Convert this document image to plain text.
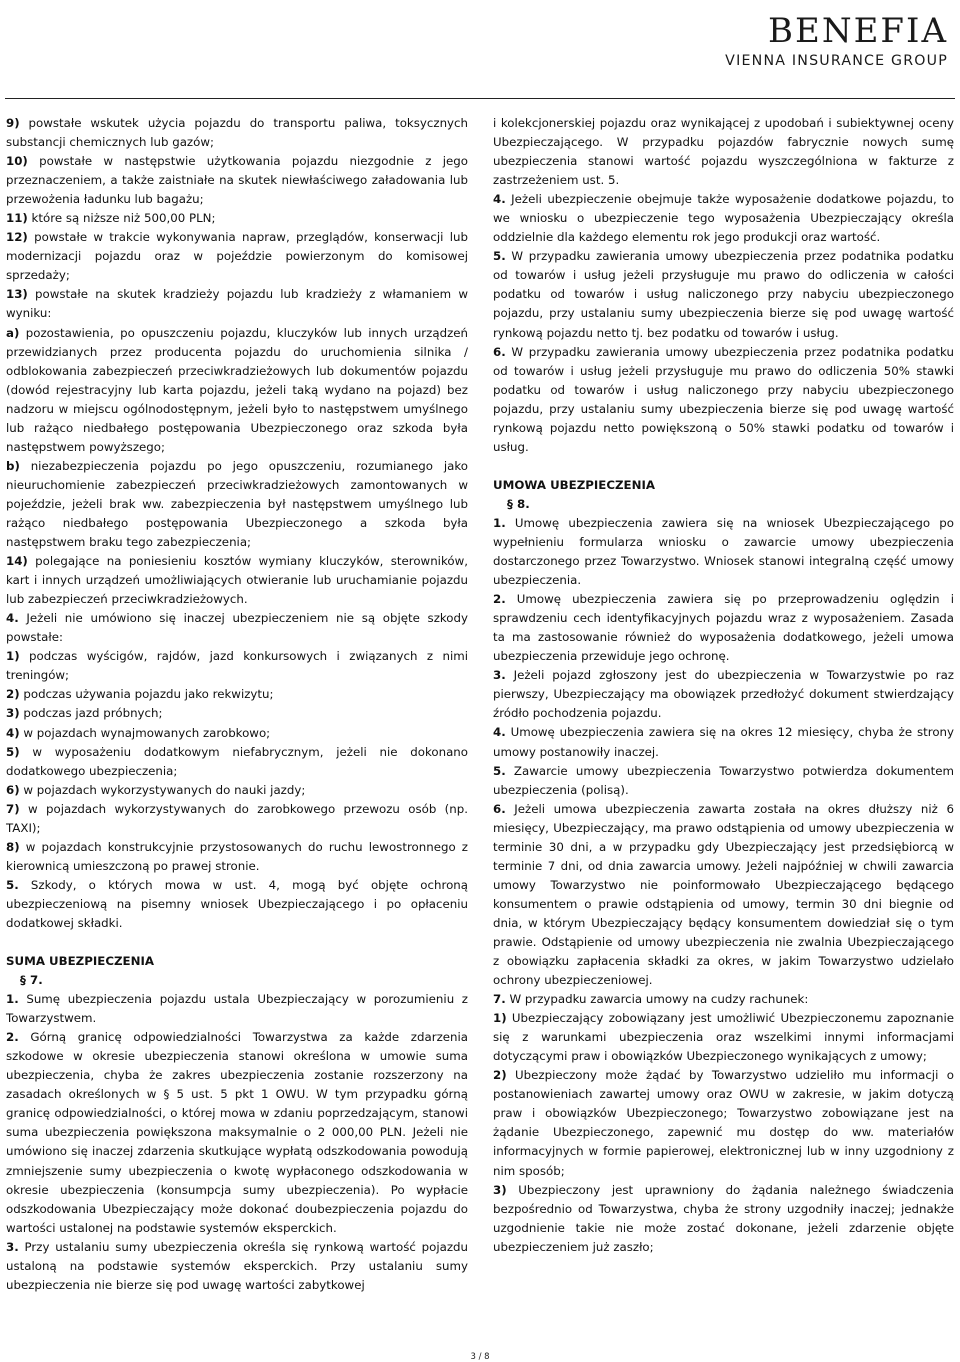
BENEFIA
VIENNA INSURANCE GROUP

9) powstałe wskutek użycia pojazdu do transportu paliwa, toksycznych substancji chemicznych lub gazów;

10) powstałe w następstwie użytkowania pojazdu niezgodnie z jego przeznaczeniem, a także zaistniałe na skutek niewłaściwego załadowania lub przewożenia ładunku lub bagażu;

11) które są niższe niż 500,00 PLN;

12) powstałe w trakcie wykonywania napraw, przeglądów, konserwacji lub modernizacji pojazdu oraz w pojeździe powierzonym do komisowej sprzedaży;

13) powstałe na skutek kradzieży pojazdu lub kradzieży z włamaniem w wyniku:

a) pozostawienia, po opuszczeniu pojazdu, kluczyków lub innych urządzeń przewidzianych przez producenta pojazdu do uruchomienia silnika / odblokowania zabezpieczeń przeciwkradzieżowych lub dokumentów pojazdu (dowód rejestracyjny lub karta pojazdu, jeżeli taką wydano na pojazd) bez nadzoru w miejscu ogólnodostępnym, jeżeli było to następstwem umyślnego lub rażąco niedbałego postępowania Ubezpieczonego oraz szkoda była następstwem powyższego;

b) niezabezpieczenia pojazdu po jego opuszczeniu, rozumianego jako nieuruchomienie zabezpieczeń przeciwkradzieżowych zamontowanych w pojeździe, jeżeli brak ww. zabezpieczenia był następstwem umyślnego lub rażąco niedbałego postępowania Ubezpieczonego a szkoda była następstwem braku tego zabezpieczenia;

14) polegające na poniesieniu kosztów wymiany kluczyków, sterowników, kart i innych urządzeń umożliwiających otwieranie lub uruchamianie pojazdu lub zabezpieczeń przeciwkradzieżowych.

4. Jeżeli nie umówiono się inaczej ubezpieczeniem nie są objęte szkody powstałe:

1) podczas wyścigów, rajdów, jazd konkursowych i związanych z nimi treningów;

2) podczas używania pojazdu jako rekwizytu;

3) podczas jazd próbnych;

4) w pojazdach wynajmowanych zarobkowo;

5) w wyposażeniu dodatkowym niefabrycznym, jeżeli nie dokonano dodatkowego ubezpieczenia;

6) w pojazdach wykorzystywanych do nauki jazdy;

7) w pojazdach wykorzystywanych do zarobkowego przewozu osób (np. TAXI);

8) w pojazdach konstrukcyjnie przystosowanych do ruchu lewostronnego z kierownicą umieszczoną po prawej stronie.

5. Szkody, o których mowa w ust. 4, mogą być objęte ochroną ubezpieczeniową na pisemny wniosek Ubezpieczającego i po opłaceniu dodatkowej składki.

SUMA UBEZPIECZENIA

§ 7.

1. Sumę ubezpieczenia pojazdu ustala Ubezpieczający w porozumieniu z Towarzystwem.

2. Górną granicę odpowiedzialności Towarzystwa za każde zdarzenia szkodowe w okresie ubezpieczenia stanowi określona w umowie suma ubezpieczenia, chyba że zakres ubezpieczenia zostanie rozszerzony na zasadach określonych w § 5 ust. 5 pkt 1 OWU. W tym przypadku górną granicę odpowiedzialności, o której mowa w zdaniu poprzedzającym, stanowi suma ubezpieczenia powiększona maksymalnie o 2 000,00 PLN. Jeżeli nie umówiono się inaczej zdarzenia skutkujące wypłatą odszkodowania powodują zmniejszenie sumy ubezpieczenia o kwotę wypłaconego odszkodowania w okresie ubezpieczenia (konsumpcja sumy ubezpieczenia). Po wypłacie odszkodowania Ubezpieczający może dokonać doubezpieczenia pojazdu do wartości ustalonej na podstawie systemów eksperckich.

3. Przy ustalaniu sumy ubezpieczenia określa się rynkową wartość pojazdu ustaloną na podstawie systemów eksperckich. Przy ustalaniu sumy ubezpieczenia nie bierze się pod uwagę wartości zabytkowej

i kolekcjonerskiej pojazdu oraz wynikającej z upodobań i subiektywnej oceny Ubezpieczającego. W przypadku pojazdów fabrycznie nowych sumę ubezpieczenia stanowi wartość pojazdu wyszczególniona w fakturze z zastrzeżeniem ust. 5.

4. Jeżeli ubezpieczenie obejmuje także wyposażenie dodatkowe pojazdu, to we wniosku o ubezpieczenie tego wyposażenia Ubezpieczający określa oddzielnie dla każdego elementu rok jego produkcji oraz wartość.

5. W przypadku zawierania umowy ubezpieczenia przez podatnika podatku od towarów i usług jeżeli przysługuje mu prawo do odliczenia w całości podatku od towarów i usług naliczonego przy nabyciu ubezpieczonego pojazdu, przy ustalaniu sumy ubezpieczenia bierze się pod uwagę wartość rynkową pojazdu netto tj. bez podatku od towarów i usług.

6. W przypadku zawierania umowy ubezpieczenia przez podatnika podatku od towarów i usług jeżeli przysługuje mu prawo do odliczenia 50% stawki podatku od towarów i usług naliczonego przy nabyciu ubezpieczonego pojazdu, przy ustalaniu sumy ubezpieczenia bierze się pod uwagę wartość rynkową pojazdu netto powiększoną o 50% stawki podatku od towarów i usług.

UMOWA UBEZPIECZENIA

§ 8.

1. Umowę ubezpieczenia zawiera się na wniosek Ubezpieczającego po wypełnieniu formularza wniosku o zawarcie umowy ubezpieczenia dostarczonego przez Towarzystwo. Wniosek stanowi integralną część umowy ubezpieczenia.

2. Umowę ubezpieczenia zawiera się po przeprowadzeniu oględzin i sprawdzeniu cech identyfikacyjnych pojazdu wraz z wyposażeniem. Zasada ta ma zastosowanie również do wyposażenia dodatkowego, jeżeli umowa ubezpieczenia przewiduje jego ochronę.

3. Jeżeli pojazd zgłoszony jest do ubezpieczenia w Towarzystwie po raz pierwszy, Ubezpieczający ma obowiązek przedłożyć dokument stwierdzający źródło pochodzenia pojazdu.

4. Umowę ubezpieczenia zawiera się na okres 12 miesięcy, chyba że strony umowy postanowiły inaczej.

5. Zawarcie umowy ubezpieczenia Towarzystwo potwierdza dokumentem ubezpieczenia (polisą).

6. Jeżeli umowa ubezpieczenia zawarta została na okres dłuższy niż 6 miesięcy, Ubezpieczający, ma prawo odstąpienia od umowy ubezpieczenia w terminie 30 dni, a w przypadku gdy Ubezpieczający jest przedsiębiorcą w terminie 7 dni, od dnia zawarcia umowy. Jeżeli najpóźniej w chwili zawarcia umowy Towarzystwo nie poinformowało Ubezpieczającego będącego konsumentem o prawie odstąpienia od umowy, termin 30 dni biegnie od dnia, w którym Ubezpieczający będący konsumentem dowiedział się o tym prawie. Odstąpienie od umowy ubezpieczenia nie zwalnia Ubezpieczającego z obowiązku zapłacenia składki za okres, w jakim Towarzystwo udzielało ochrony ubezpieczeniowej.

7. W przypadku zawarcia umowy na cudzy rachunek:

1) Ubezpieczający zobowiązany jest umożliwić Ubezpieczonemu zapoznanie się z warunkami ubezpieczenia oraz wszelkimi innymi informacjami dotyczącymi praw i obowiązków Ubezpieczonego wynikających z umowy;

2) Ubezpieczony może żądać by Towarzystwo udzieliło mu informacji o postanowieniach zawartej umowy oraz OWU w zakresie, w jakim dotyczą praw i obowiązków Ubezpieczonego; Towarzystwo zobowiązane jest na żądanie Ubezpieczonego, zapewnić mu dostęp do ww. materiałów informacyjnych w formie papierowej, elektronicznej lub w inny uzgodniony z nim sposób;

3) Ubezpieczony jest uprawniony do żądania należnego świadczenia bezpośrednio od Towarzystwa, chyba że strony uzgodniły inaczej; jednakże uzgodnienie takie nie może zostać dokonane, jeżeli zdarzenie objęte ubezpieczeniem już zaszło;

3 / 8
